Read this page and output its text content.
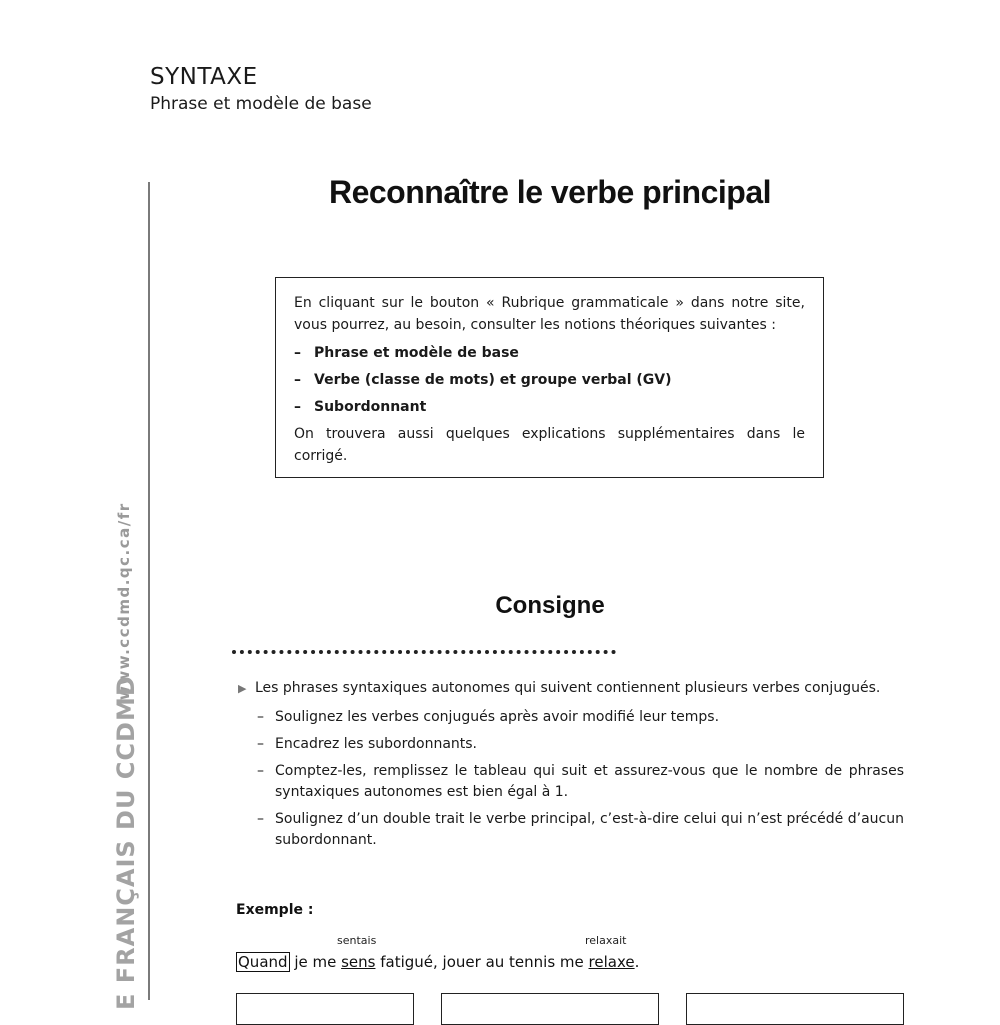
SYNTAXE
Phrase et modèle de base
www.ccdmd.qc.ca/fr
E FRANÇAIS DU CCDMD
Reconnaître le verbe principal

En cliquant sur le bouton « Rubrique grammaticale » dans notre site, vous pourrez, au besoin, consulter les notions théoriques suivantes :

– Phrase et modèle de base
– Verbe (classe de mots) et groupe verbal (GV)
– Subordonnant

On trouvera aussi quelques explications supplémentaires dans le corrigé.

Consigne
▶ Les phrases syntaxiques autonomes qui suivent contiennent plusieurs verbes conjugués.
– Soulignez les verbes conjugués après avoir modifié leur temps.
– Encadrez les subordonnants.
– Comptez-les, remplissez le tableau qui suit et assurez-vous que le nombre de phrases syntaxiques autonomes est bien égal à 1.
– Soulignez d’un double trait le verbe principal, c’est-à-dire celui qui n’est précédé d’aucun subordonnant.
Exemple :
sentais	relaxait
Quand je me sens fatigué, jouer au tennis me relaxe.
